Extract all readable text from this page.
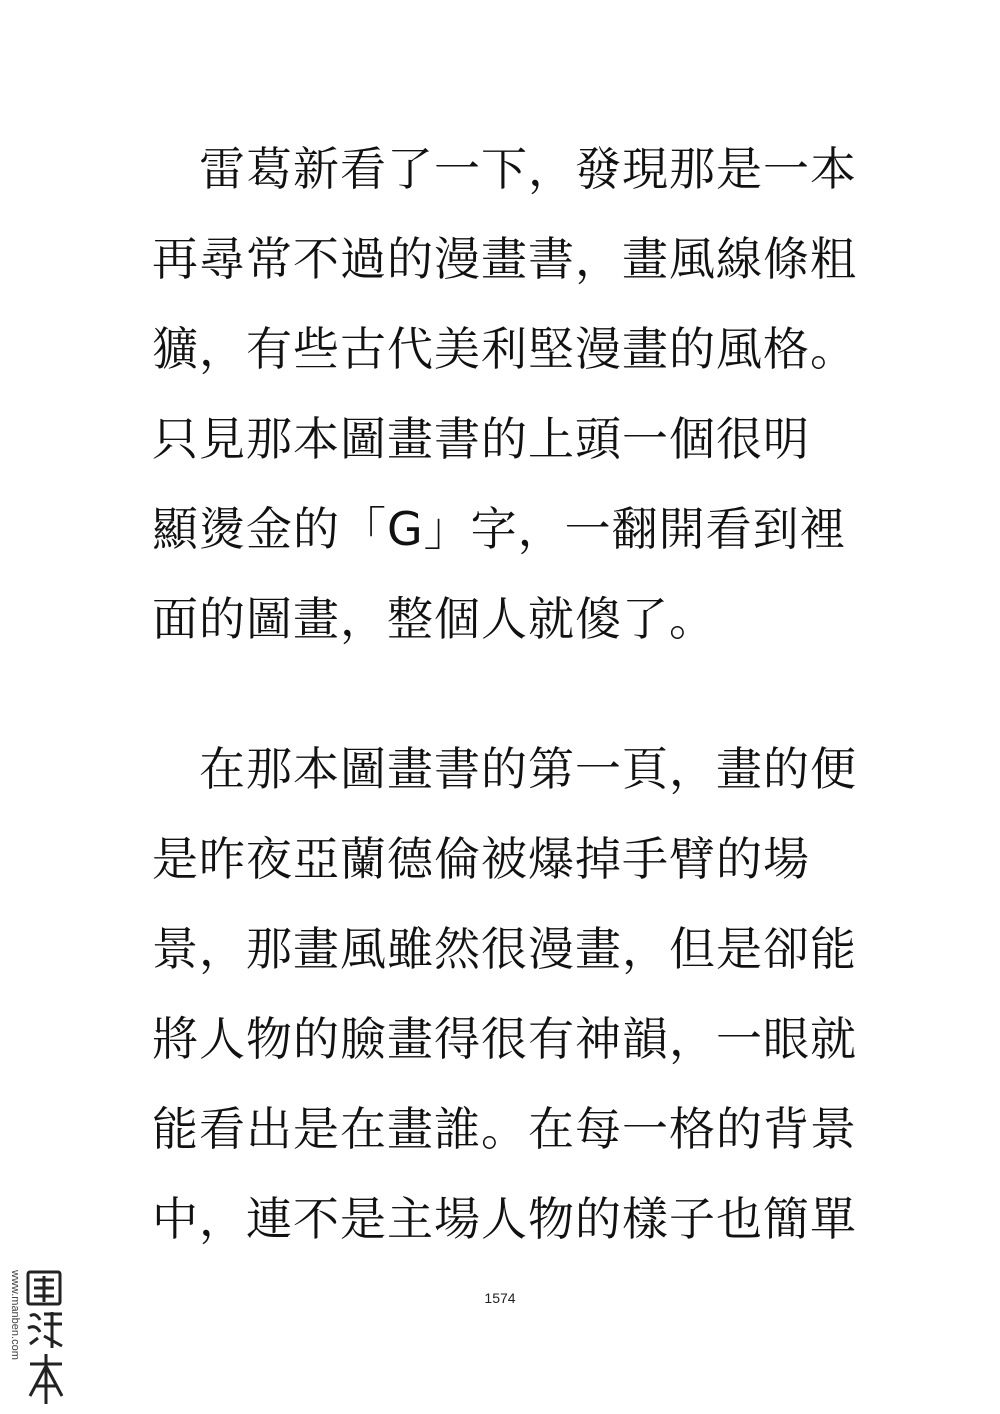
　雷葛新看了一下，發現那是一本
再尋常不過的漫畫書，畫風線條粗
獷，有些古代美利堅漫畫的風格。
只見那本圖畫書的上頭一個很明
顯燙金的「G」字，一翻開看到裡
面的圖畫，整個人就傻了。
　在那本圖畫書的第一頁，畫的便
是昨夜亞蘭德倫被爆掉手臂的場
景，那畫風雖然很漫畫，但是卻能
將人物的臉畫得很有神韻，一眼就
能看出是在畫誰。在每一格的背景
中，連不是主場人物的樣子也簡單
1574
www.manben.com
